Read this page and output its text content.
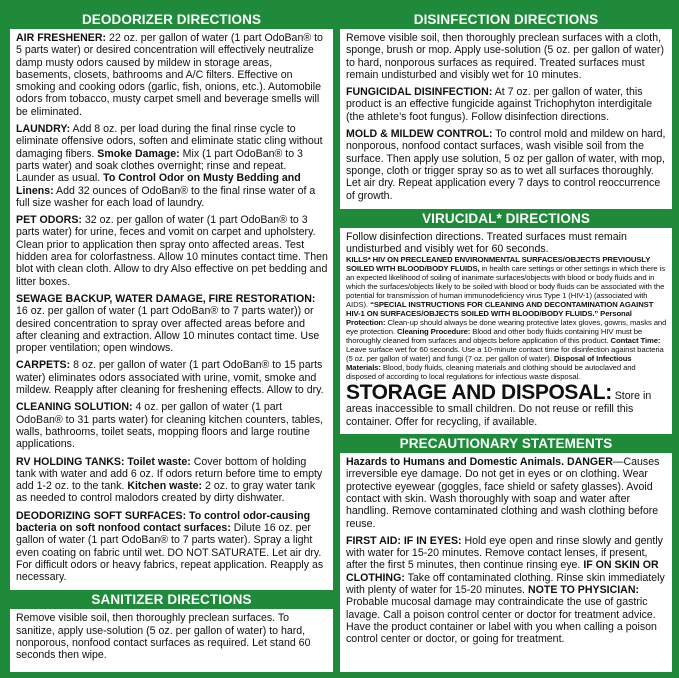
DEODORIZER DIRECTIONS

AIR FRESHENER: 22 oz. per gallon of water (1 part OdoBan® to 5 parts water) or desired concentration will effectively neutralize damp musty odors caused by mildew in storage areas, basements, closets, bathrooms and A/C filters. Effective on smoking and cooking odors (garlic, fish, onions, etc.). Automobile odors from tobacco, musty carpet smell and beverage smells will be eliminated.

LAUNDRY: Add 8 oz. per load during the final rinse cycle to eliminate offensive odors, soften and eliminate static cling without damaging fibers. Smoke Damage: Mix (1 part OdoBan® to 3 parts water) and soak clothes overnight; rinse and repeat. Launder as usual. To Control Odor on Musty Bedding and Linens: Add 32 ounces of OdoBan® to the final rinse water of a full size washer for each load of laundry.

PET ODORS: 32 oz. per gallon of water (1 part OdoBan® to 3 parts water) for urine, feces and vomit on carpet and upholstery. Clean prior to application then spray onto affected areas. Test hidden area for colorfastness. Allow 10 minutes contact time. Then blot with clean cloth. Allow to dry Also effective on pet bedding and litter boxes.

SEWAGE BACKUP, WATER DAMAGE, FIRE RESTORATION: 16 oz. per gallon of water (1 part OdoBan® to 7 parts water)) or desired concentration to spray over affected areas before and after cleaning and extraction. Allow 10 minutes contact time. Use proper ventilation; open windows.

CARPETS: 8 oz. per gallon of water (1 part OdoBan® to 15 parts water) eliminates odors associated with urine, vomit, smoke and mildew. Reapply after cleaning for freshening effects. Allow to dry.

CLEANING SOLUTION: 4 oz. per gallon of water (1 part OdoBan® to 31 parts water) for cleaning kitchen counters, tables, walls, bathrooms, toilet seats, mopping floors and large routine applications.

RV HOLDING TANKS: Toilet waste: Cover bottom of holding tank with water and add 6 oz. If odors return before time to empty add 1-2 oz. to the tank. Kitchen waste: 2 oz. to gray water tank as needed to control malodors created by dirty dishwater.

DEODORIZING SOFT SURFACES: To control odor-causing bacteria on soft nonfood contact surfaces: Dilute 16 oz. per gallon of water (1 part OdoBan® to 7 parts water). Spray a light even coating on fabric until wet. DO NOT SATURATE. Let air dry. For difficult odors or heavy fabrics, repeat application. Reapply as necessary.

SANITIZER DIRECTIONS

Remove visible soil, then thoroughly preclean surfaces. To sanitize, apply use-solution (5 oz. per gallon of water) to hard, nonporous, nonfood contact surfaces as required. Let stand 60 seconds then wipe.

DISINFECTION DIRECTIONS

Remove visible soil, then thoroughly preclean surfaces with a cloth, sponge, brush or mop. Apply use-solution (5 oz. per gallon of water) to hard, nonporous surfaces as required. Treated surfaces must remain undisturbed and visibly wet for 10 minutes.

FUNGICIDAL DISINFECTION: At 7 oz. per gallon of water, this product is an effective fungicide against Trichophyton interdigitale (the athlete’s foot fungus). Follow disinfection directions.

MOLD & MILDEW CONTROL: To control mold and mildew on hard, nonporous, nonfood contact surfaces, wash visible soil from the surface. Then apply use solution, 5 oz per gallon of water, with mop, sponge, cloth or trigger spray so as to wet all surfaces thoroughly. Let air dry. Repeat application every 7 days to control reoccurrence of growth.

VIRUCIDAL* DIRECTIONS

Follow disinfection directions. Treated surfaces must remain undisturbed and visibly wet for 60 seconds.

KILLS* HIV ON PRECLEANED ENVIRONMENTAL SURFACES/OBJECTS PREVIOUSLY SOILED WITH BLOOD/BODY FLUIDS, in health care settings or other settings in which there is an expected likelihood of soiling of inanimate surfaces/objects with blood or body fluids and in which the surfaces/objects likely to be soiled with blood or body fluids can be associated with the potential for transmission of human immunodeficiency virus Type 1 (HIV-1) (associated with AIDS). “SPECIAL INSTRUCTIONS FOR CLEANING AND DECONTAMINATION AGAINST HIV-1 ON SURFACES/OBJECTS SOILED WITH BLOOD/BODY FLUIDS.” Personal Protection: Clean-up should always be done wearing protective latex gloves, gowns, masks and eye protection. Cleaning Procedure: Blood and other body fluids containing HIV must be thoroughly cleaned from surfaces and objects before application of this product. Contact Time: Leave surface wet for 60 seconds. Use a 10-minute contact time for disinfection against bacteria (5 oz. per gallon of water) and fungi (7 oz. per gallon of water). Disposal of Infectious Materials: Blood, body fluids, cleaning materials and clothing should be autoclaved and disposed of according to local regulations for infectious waste disposal.
STORAGE AND DISPOSAL: Store in areas inaccessible to small children. Do not reuse or refill this container. Offer for recycling, if available.
PRECAUTIONARY STATEMENTS

Hazards to Humans and Domestic Animals. DANGER—Causes irreversible eye damage. Do not get in eyes or on clothing. Wear protective eyewear (goggles, face shield or safety glasses). Avoid contact with skin. Wash thoroughly with soap and water after handling. Remove contaminated clothing and wash clothing before reuse.

FIRST AID: IF IN EYES: Hold eye open and rinse slowly and gently with water for 15-20 minutes. Remove contact lenses, if present, after the first 5 minutes, then continue rinsing eye. IF ON SKIN OR CLOTHING: Take off contaminated clothing. Rinse skin immediately with plenty of water for 15-20 minutes. NOTE TO PHYSICIAN: Probable mucosal damage may contraindicate the use of gastric lavage. Call a poison control center or doctor for treatment advice. Have the product container or label with you when calling a poison control center or doctor, or going for treatment.
